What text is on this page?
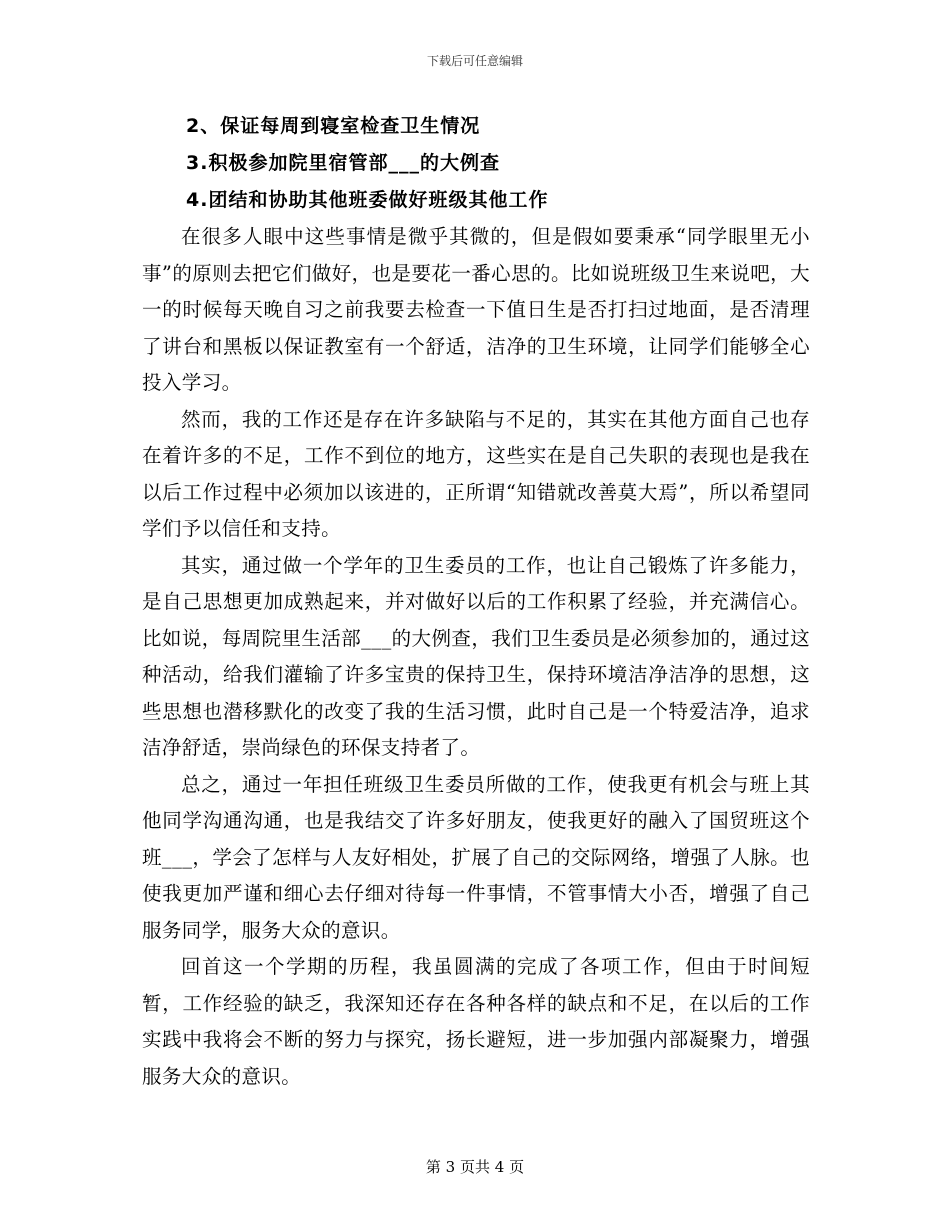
下载后可任意编辑
2、保证每周到寝室检查卫生情况
3.积极参加院里宿管部___的大例查
4.团结和协助其他班委做好班级其他工作

在很多人眼中这些事情是微乎其微的，但是假如要秉承“同学眼里无小事”的原则去把它们做好，也是要花一番心思的。比如说班级卫生来说吧，大一的时候每天晚自习之前我要去检查一下值日生是否打扫过地面，是否清理了讲台和黑板以保证教室有一个舒适，洁净的卫生环境，让同学们能够全心投入学习。

然而，我的工作还是存在许多缺陷与不足的，其实在其他方面自己也存在着许多的不足，工作不到位的地方，这些实在是自己失职的表现也是我在以后工作过程中必须加以该进的，正所谓“知错就改善莫大焉”，所以希望同学们予以信任和支持。

其实，通过做一个学年的卫生委员的工作，也让自己锻炼了许多能力，是自己思想更加成熟起来，并对做好以后的工作积累了经验，并充满信心。比如说，每周院里生活部___的大例查，我们卫生委员是必须参加的，通过这种活动，给我们灌输了许多宝贵的保持卫生，保持环境洁净洁净的思想，这些思想也潜移默化的改变了我的生活习惯，此时自己是一个特爱洁净，追求洁净舒适，崇尚绿色的环保支持者了。

总之，通过一年担任班级卫生委员所做的工作，使我更有机会与班上其他同学沟通沟通，也是我结交了许多好朋友，使我更好的融入了国贸班这个班___，学会了怎样与人友好相处，扩展了自己的交际网络，增强了人脉。也使我更加严谨和细心去仔细对待每一件事情，不管事情大小否，增强了自己服务同学，服务大众的意识。

回首这一个学期的历程，我虽圆满的完成了各项工作，但由于时间短暂，工作经验的缺乏，我深知还存在各种各样的缺点和不足，在以后的工作实践中我将会不断的努力与探究，扬长避短，进一步加强内部凝聚力，增强服务大众的意识。

第 3 页共 4 页
